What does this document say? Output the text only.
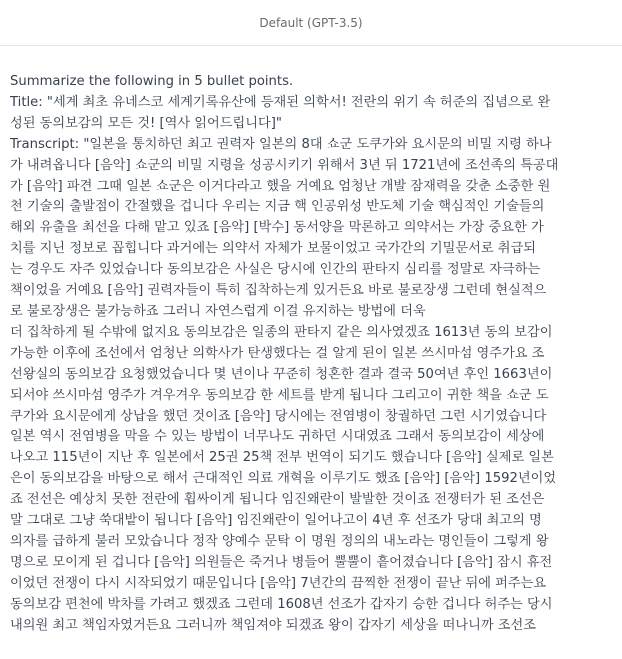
Default (GPT-3.5)
Summarize the following in 5 bullet points.
Title: "세계 최초 유네스코 세계기록유산에 등재된 의학서! 전란의 위기 속 허준의 집념으로 완
성된 동의보감의 모든 것! [역사 읽어드립니다]"
Transcript: "일본을 통치하던 최고 권력자 일본의 8대 쇼군 도쿠가와 요시문의 비밀 지령 하나
가 내려옵니다 [음악] 쇼군의 비밀 지령을 성공시키기 위해서 3년 뒤 1721년에 조선족의 특공대
가 [음악] 파견 그때 일본 쇼군은 이거다라고 했을 거예요 엄청난 개발 잠재력을 갖춘 소중한 원
천 기술의 출발점이 간절했을 겁니다 우리는 지금 핵 인공위성 반도체 기술 핵심적인 기술들의
해외 유출을 최선을 다해 맡고 있죠 [음악] [박수] 동서양을 막론하고 의약서는 가장 중요한 가
치를 지닌 정보로 꼽힙니다 과거에는 의약서 자체가 보물이었고 국가간의 기밀문서로 취급되
는 경우도 자주 있었습니다 동의보감은 사실은 당시에 인간의 판타지 심리를 정말로 자극하는
책이었을 거예요 [음악] 권력자들이 특히 집착하는게 있거든요 바로 불로장생 그런데 현실적으
로 불로장생은 불가능하죠 그러니 자연스럽게 이걸 유지하는 방법에 더욱
더 집착하게 될 수밖에 없지요 동의보감은 일종의 판타지 같은 의사였겠죠 1613년 동의 보감이
가능한 이후에 조선에서 엄청난 의학사가 탄생했다는 걸 알게 된이 일본 쓰시마섬 영주가요 조
선왕실의 동의보감 요청했었습니다 몇 년이나 꾸준히 청혼한 결과 결국 50여년 후인 1663년이
되서야 쓰시마섬 영주가 겨우겨우 동의보감 한 세트를 받게 됩니다 그리고이 귀한 책을 쇼군 도
쿠가와 요시문에게 상납을 했던 것이죠 [음악] 당시에는 전염병이 창궐하던 그런 시기였습니다
일본 역시 전염병을 막을 수 있는 방법이 너무나도 귀하던 시대였죠 그래서 동의보감이 세상에
나오고 115년이 지난 후 일본에서 25권 25책 전부 번역이 되기도 했습니다 [음악] 실제로 일본
은이 동의보감을 바탕으로 해서 근대적인 의료 개혁을 이루기도 했죠 [음악] [음악] 1592년이었
죠 전선은 예상치 못한 전란에 휩싸이게 됩니다 임진왜란이 발발한 것이죠 전쟁터가 된 조선은
말 그대로 그냥 쑥대밭이 됩니다 [음악] 임진왜란이 일어나고이 4년 후 선조가 당대 최고의 명
의자를 급하게 불러 모았습니다 정작 양예수 문탁 이 명원 정의의 내노라는 명인들이 그렇게 왕
명으로 모이게 된 겁니다 [음악] 의원들은 죽거나 병들어 뿔뿔이 흩어졌습니다 [음악] 잠시 휴전
이었던 전쟁이 다시 시작되었기 때문입니다 [음악] 7년간의 끔찍한 전쟁이 끝난 뒤에 퍼주는요
동의보감 편천에 박차를 가려고 했겠죠 그런데 1608년 선조가 갑자기 승한 겁니다 허주는 당시
내의원 최고 책임자였거든요 그러니까 책임져야 되겠죠 왕이 갑자기 세상을 떠나니까 조선조
